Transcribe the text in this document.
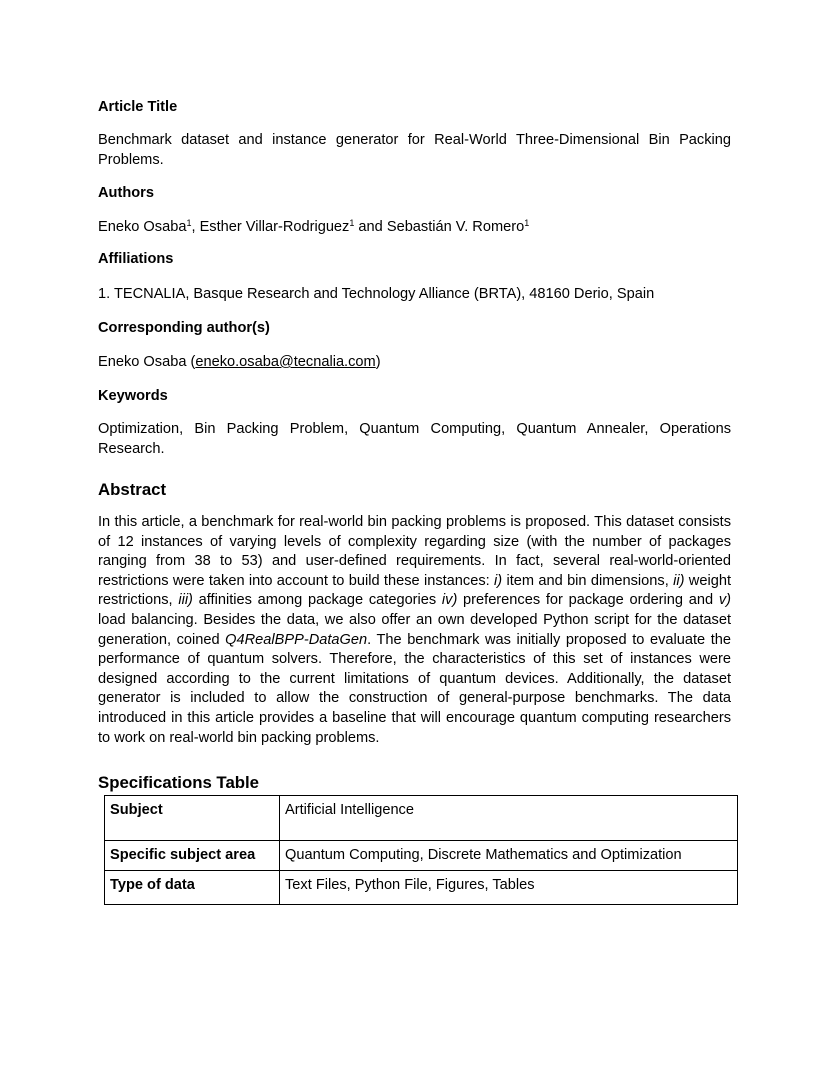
Article Title
Benchmark dataset and instance generator for Real-World Three-Dimensional Bin Packing Problems.
Authors
Eneko Osaba$^1$, Esther Villar-Rodriguez$^1$ and Sebastián V. Romero$^1$
Affiliations
1. TECNALIA, Basque Research and Technology Alliance (BRTA), 48160 Derio, Spain
Corresponding author(s)
Eneko Osaba (eneko.osaba@tecnalia.com)
Keywords
Optimization, Bin Packing Problem, Quantum Computing, Quantum Annealer, Operations Research.
Abstract
In this article, a benchmark for real-world bin packing problems is proposed. This dataset consists of 12 instances of varying levels of complexity regarding size (with the number of packages ranging from 38 to 53) and user-defined requirements. In fact, several real-world-oriented restrictions were taken into account to build these instances: i) item and bin dimensions, ii) weight restrictions, iii) affinities among package categories iv) preferences for package ordering and v) load balancing. Besides the data, we also offer an own developed Python script for the dataset generation, coined Q4RealBPP-DataGen. The benchmark was initially proposed to evaluate the performance of quantum solvers. Therefore, the characteristics of this set of instances were designed according to the current limitations of quantum devices. Additionally, the dataset generator is included to allow the construction of general-purpose benchmarks. The data introduced in this article provides a baseline that will encourage quantum computing researchers to work on real-world bin packing problems.
Specifications Table
Subject	Artificial Intelligence
Specific subject area	Quantum Computing, Discrete Mathematics and Optimization
Type of data	Text Files, Python File, Figures, Tables
